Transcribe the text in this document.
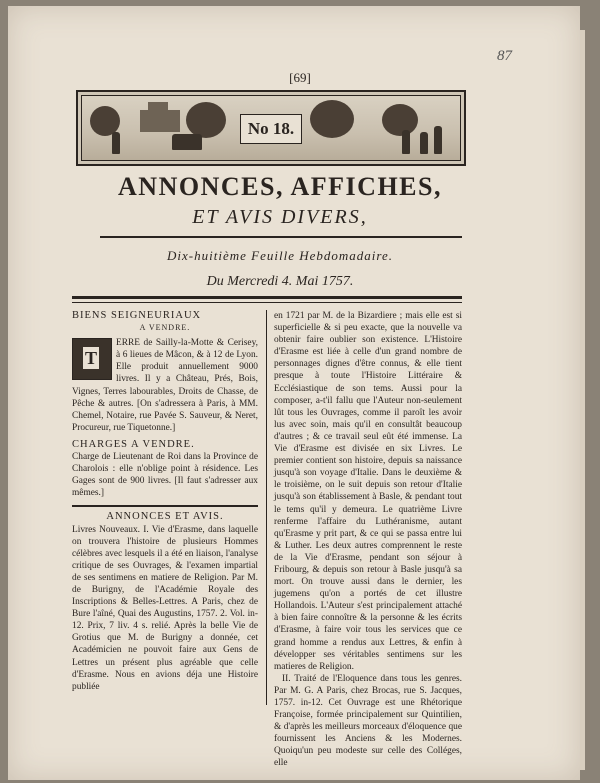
87
[69]
No 18.
ANNONCES, AFFICHES,
ET AVIS DIVERS,
Dix-huitième Feuille Hebdomadaire.
Du Mercredi 4. Mai 1757.

BIENS SEIGNEURIAUX

A VENDRE.

T

ERRE de Sailly-la-Motte & Cerisey, à 6 lieues de Mâcon, & à 12 de Lyon. Elle produit annuellement 9000 livres. Il y a Château, Prés, Bois, Vignes, Terres labourables, Droits de Chasse, de Pêche & autres. [On s'adressera à Paris, à MM. Chemel, Notaire, rue Pavée S. Sauveur, & Neret, Procureur, rue Tiquetonne.]

CHARGES A VENDRE.

Charge de Lieutenant de Roi dans la Province de Charolois : elle n'oblige point à résidence. Les Gages sont de 900 livres. [Il faut s'adresser aux mêmes.]

ANNONCES ET AVIS.

Livres Nouveaux. I. Vie d'Erasme, dans laquelle on trouvera l'histoire de plusieurs Hommes célèbres avec lesquels il a été en liaison, l'analyse critique de ses Ouvrages, & l'examen impartial de ses sentimens en matiere de Religion. Par M. de Burigny, de l'Académie Royale des Inscriptions & Belles-Lettres. A Paris, chez de Bure l'aîné, Quai des Augustins, 1757. 2. Vol. in-12. Prix, 7 liv. 4 s. relié. Après la belle Vie de Grotius que M. de Burigny a donnée, cet Académicien ne pouvoit faire aux Gens de Lettres un présent plus agréable que celle d'Erasme. Nous en avions déja une Histoire publiée

en 1721 par M. de la Bizardiere ; mais elle est si superficielle & si peu exacte, que la nouvelle va obtenir faire oublier son existence. L'Histoire d'Erasme est liée à celle d'un grand nombre de personnages dignes d'être connus, & elle tient presque à toute l'Histoire Littéraire & Ecclésiastique de son tems. Aussi pour la composer, a-t'il fallu que l'Auteur non-seulement lût tous les Ouvrages, comme il paroît les avoir lus avec soin, mais qu'il en consultât beaucoup d'autres ; & ce travail seul eût été immense. La Vie d'Erasme est divisée en six Livres. Le premier contient son histoire, depuis sa naissance jusqu'à son voyage d'Italie. Dans le deuxième & le troisième, on le suit depuis son retour d'Italie jusqu'à son établissement à Basle, & pendant tout le tems qu'il y demeura. Le quatrième Livre renferme l'affaire du Luthéranisme, autant qu'Erasme y prit part, & ce qui se passa entre lui & Luther. Les deux autres comprennent le reste de la Vie d'Erasme, pendant son séjour à Fribourg, & depuis son retour à Basle jusqu'à sa mort. On trouve aussi dans le dernier, les jugemens qu'on a portés de cet illustre Hollandois. L'Auteur s'est principalement attaché à bien faire connoître & la personne & les écrits d'Erasme, à faire voir tous les services que ce grand homme a rendus aux Lettres, & enfin à développer ses véritables sentimens sur les matieres de Religion.

II. Traité de l'Eloquence dans tous les genres. Par M. G. A Paris, chez Brocas, rue S. Jacques, 1757. in-12. Cet Ouvrage est une Rhétorique Françoise, formée principalement sur Quintilien, & d'après les meilleurs morceaux d'éloquence que fournissent les Anciens & les Modernes. Quoiqu'un peu modeste sur celle des Colléges, elle
